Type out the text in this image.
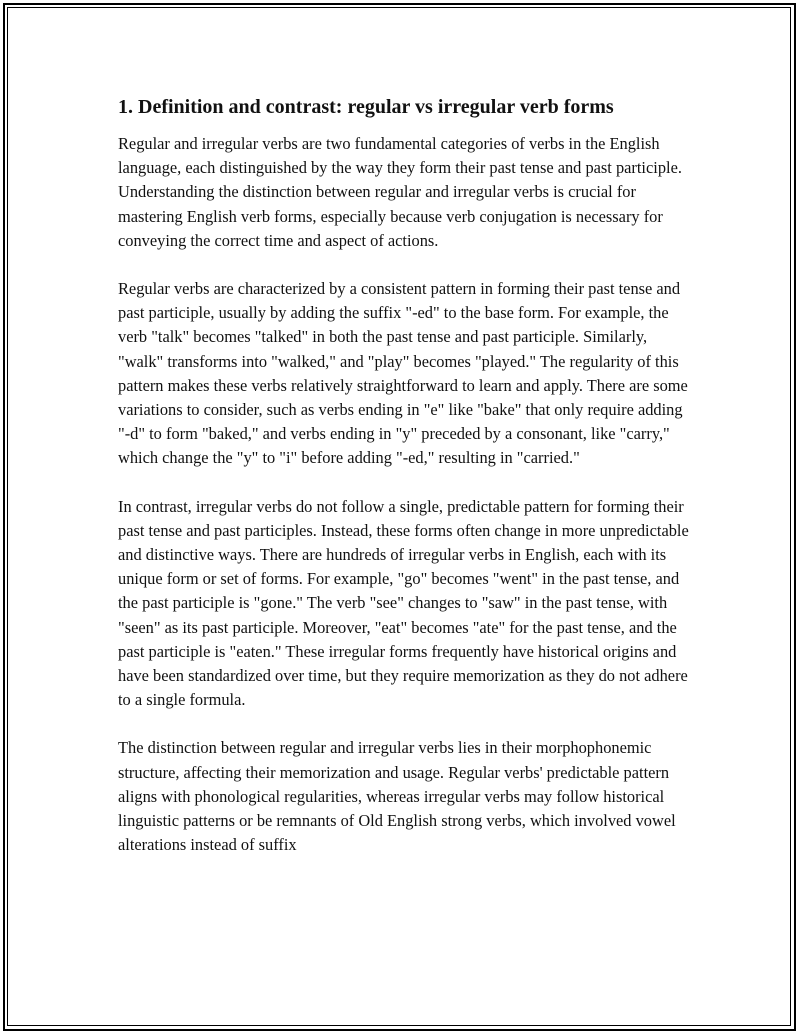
1. Definition and contrast: regular vs irregular verb forms

Regular and irregular verbs are two fundamental categories of verbs in the English language, each distinguished by the way they form their past tense and past participle. Understanding the distinction between regular and irregular verbs is crucial for mastering English verb forms, especially because verb conjugation is necessary for conveying the correct time and aspect of actions.

Regular verbs are characterized by a consistent pattern in forming their past tense and past participle, usually by adding the suffix "-ed" to the base form. For example, the verb "talk" becomes "talked" in both the past tense and past participle. Similarly, "walk" transforms into "walked," and "play" becomes "played." The regularity of this pattern makes these verbs relatively straightforward to learn and apply. There are some variations to consider, such as verbs ending in "e" like "bake" that only require adding "-d" to form "baked," and verbs ending in "y" preceded by a consonant, like "carry," which change the "y" to "i" before adding "-ed," resulting in "carried."

In contrast, irregular verbs do not follow a single, predictable pattern for forming their past tense and past participles. Instead, these forms often change in more unpredictable and distinctive ways. There are hundreds of irregular verbs in English, each with its unique form or set of forms. For example, "go" becomes "went" in the past tense, and the past participle is "gone." The verb "see" changes to "saw" in the past tense, with "seen" as its past participle. Moreover, "eat" becomes "ate" for the past tense, and the past participle is "eaten." These irregular forms frequently have historical origins and have been standardized over time, but they require memorization as they do not adhere to a single formula.

The distinction between regular and irregular verbs lies in their morphophonemic structure, affecting their memorization and usage. Regular verbs' predictable pattern aligns with phonological regularities, whereas irregular verbs may follow historical linguistic patterns or be remnants of Old English strong verbs, which involved vowel alterations instead of suffix
